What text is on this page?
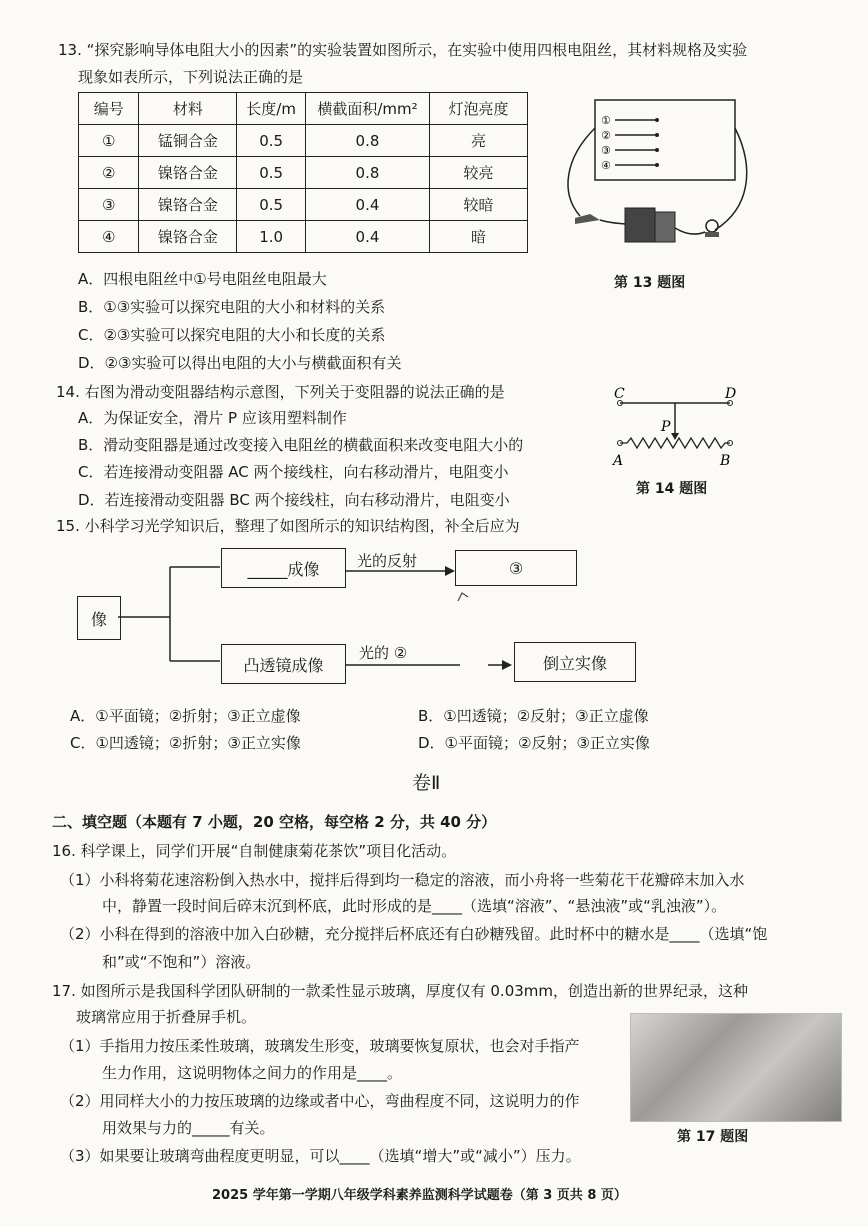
13. “探究影响导体电阻大小的因素”的实验装置如图所示，在实验中使用四根电阻丝，其材料规格及实验
现象如表所示，下列说法正确的是
编号	材料	长度/m	横截面积/mm²	灯泡亮度
①	锰铜合金	0.5	0.8	亮
②	镍铬合金	0.5	0.8	较亮
③	镍铬合金	0.5	0.4	较暗
④	镍铬合金	1.0	0.4	暗
①
②
③
④
第 13 题图
A．四根电阻丝中①号电阻丝电阻最大
B．①③实验可以探究电阻的大小和材料的关系
C．②③实验可以探究电阻的大小和长度的关系
D．②③实验可以得出电阻的大小与横截面积有关
14. 右图为滑动变阻器结构示意图，下列关于变阻器的说法正确的是
A．为保证安全，滑片 P 应该用塑料制作
B．滑动变阻器是通过改变接入电阻丝的横截面积来改变电阻大小的
C．若连接滑动变阻器 AC 两个接线柱，向右移动滑片，电阻变小
D．若连接滑动变阻器 BC 两个接线柱，向右移动滑片，电阻变小
C	D
P
A	B
第 14 题图
15. 小科学习光学知识后，整理了如图所示的知识结构图，补全后应为
像
_____成像	光的反射	③
凸透镜成像
光的 ②
倒立实像
A．①平面镜；②折射；③正立虚像	B．①凹透镜；②反射；③正立虚像
C．①凹透镜；②折射；③正立实像	D．①平面镜；②反射；③正立实像
卷Ⅱ
二、填空题（本题有 7 小题，20 空格，每空格 2 分，共 40 分）
16. 科学课上，同学们开展“自制健康菊花茶饮”项目化活动。
（1）小科将菊花速溶粉倒入热水中，搅拌后得到均一稳定的溶液，而小舟将一些菊花干花瓣碎末加入水
中，静置一段时间后碎末沉到杯底，此时形成的是____（选填“溶液”、“悬浊液”或“乳浊液”）。
（2）小科在得到的溶液中加入白砂糖，充分搅拌后杯底还有白砂糖残留。此时杯中的糖水是____（选填“饱
和”或“不饱和”）溶液。
17. 如图所示是我国科学团队研制的一款柔性显示玻璃，厚度仅有 0.03mm，创造出新的世界纪录，这种
玻璃常应用于折叠屏手机。
（1）手指用力按压柔性玻璃，玻璃发生形变，玻璃要恢复原状，也会对手指产
生力作用，这说明物体之间力的作用是____。
（2）用同样大小的力按压玻璃的边缘或者中心，弯曲程度不同，这说明力的作
用效果与力的_____有关。
（3）如果要让玻璃弯曲程度更明显，可以____（选填“增大”或“减小”）压力。
第 17 题图
2025 学年第一学期八年级学科素养监测科学试题卷（第 3 页共 8 页）
